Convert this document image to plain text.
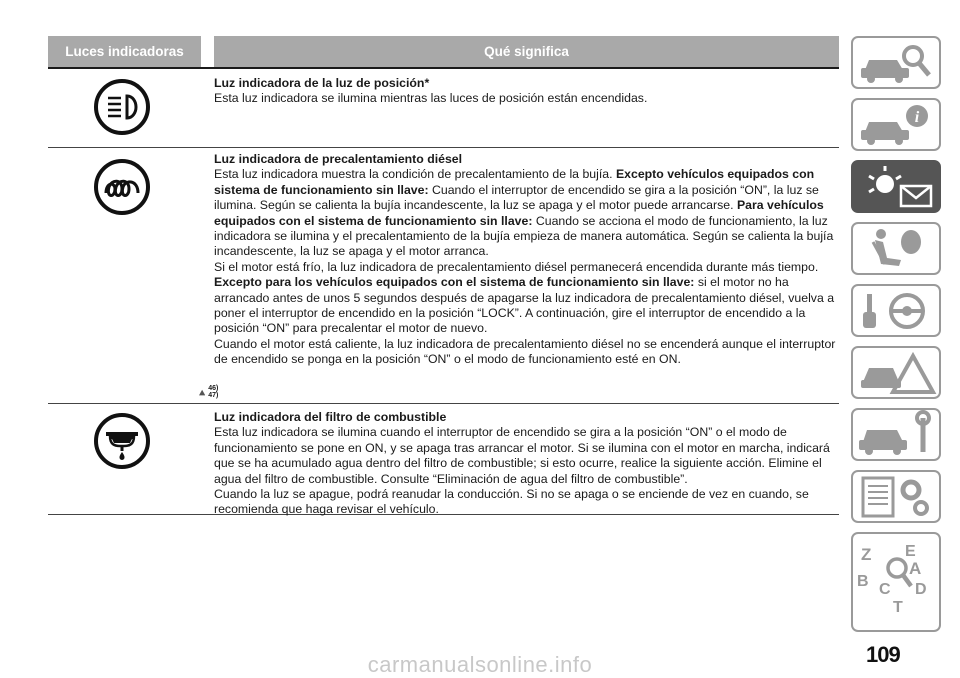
Luces indicadoras	Qué significa

Luz indicadora de la luz de posición*

Esta luz indicadora se ilumina mientras las luces de posición están encendidas.

46) 47)

Luz indicadora de precalentamiento diésel

Esta luz indicadora muestra la condición de precalentamiento de la bujía. Excepto vehículos equipados con sistema de funcionamiento sin llave: Cuando el interruptor de encendido se gira a la posición “ON”, la luz se ilumina. Según se calienta la bujía incandescente, la luz se apaga y el motor puede arrancarse. Para vehículos equipados con el sistema de funcionamiento sin llave: Cuando se acciona el modo de funcionamiento, la luz indicadora se ilumina y el precalentamiento de la bujía empieza de manera automática. Según se calienta la bujía incandescente, la luz se apaga y el motor arranca.

Si el motor está frío, la luz indicadora de precalentamiento diésel permanecerá encendida durante más tiempo.

Excepto para los vehículos equipados con el sistema de funcionamiento sin llave: si el motor no ha arrancado antes de unos 5 segundos después de apagarse la luz indicadora de precalentamiento diésel, vuelva a poner el interruptor de encendido en la posición “LOCK”. A continuación, gire el interruptor de encendido a la posición “ON” para precalentar el motor de nuevo.

Cuando el motor está caliente, la luz indicadora de precalentamiento diésel no se encenderá aunque el interruptor de encendido se ponga en la posición “ON” o el modo de funcionamiento esté en ON.

Luz indicadora del filtro de combustible

Esta luz indicadora se ilumina cuando el interruptor de encendido se gira a la posición “ON” o el modo de funcionamiento se pone en ON, y se apaga tras arrancar el motor. Si se ilumina con el motor en marcha, indicará que se ha acumulado agua dentro del filtro de combustible; si esto ocurre, realice la siguiente acción. Elimine el agua del filtro de combustible. Consulte “Eliminación de agua del filtro de combustible”.

Cuando la luz se apague, podrá reanudar la conducción. Si no se apaga o se enciende de vez en cuando, se recomienda que haga revisar el vehículo.

i
Z E
A
B C D
T
109
carmanualsonline.info
